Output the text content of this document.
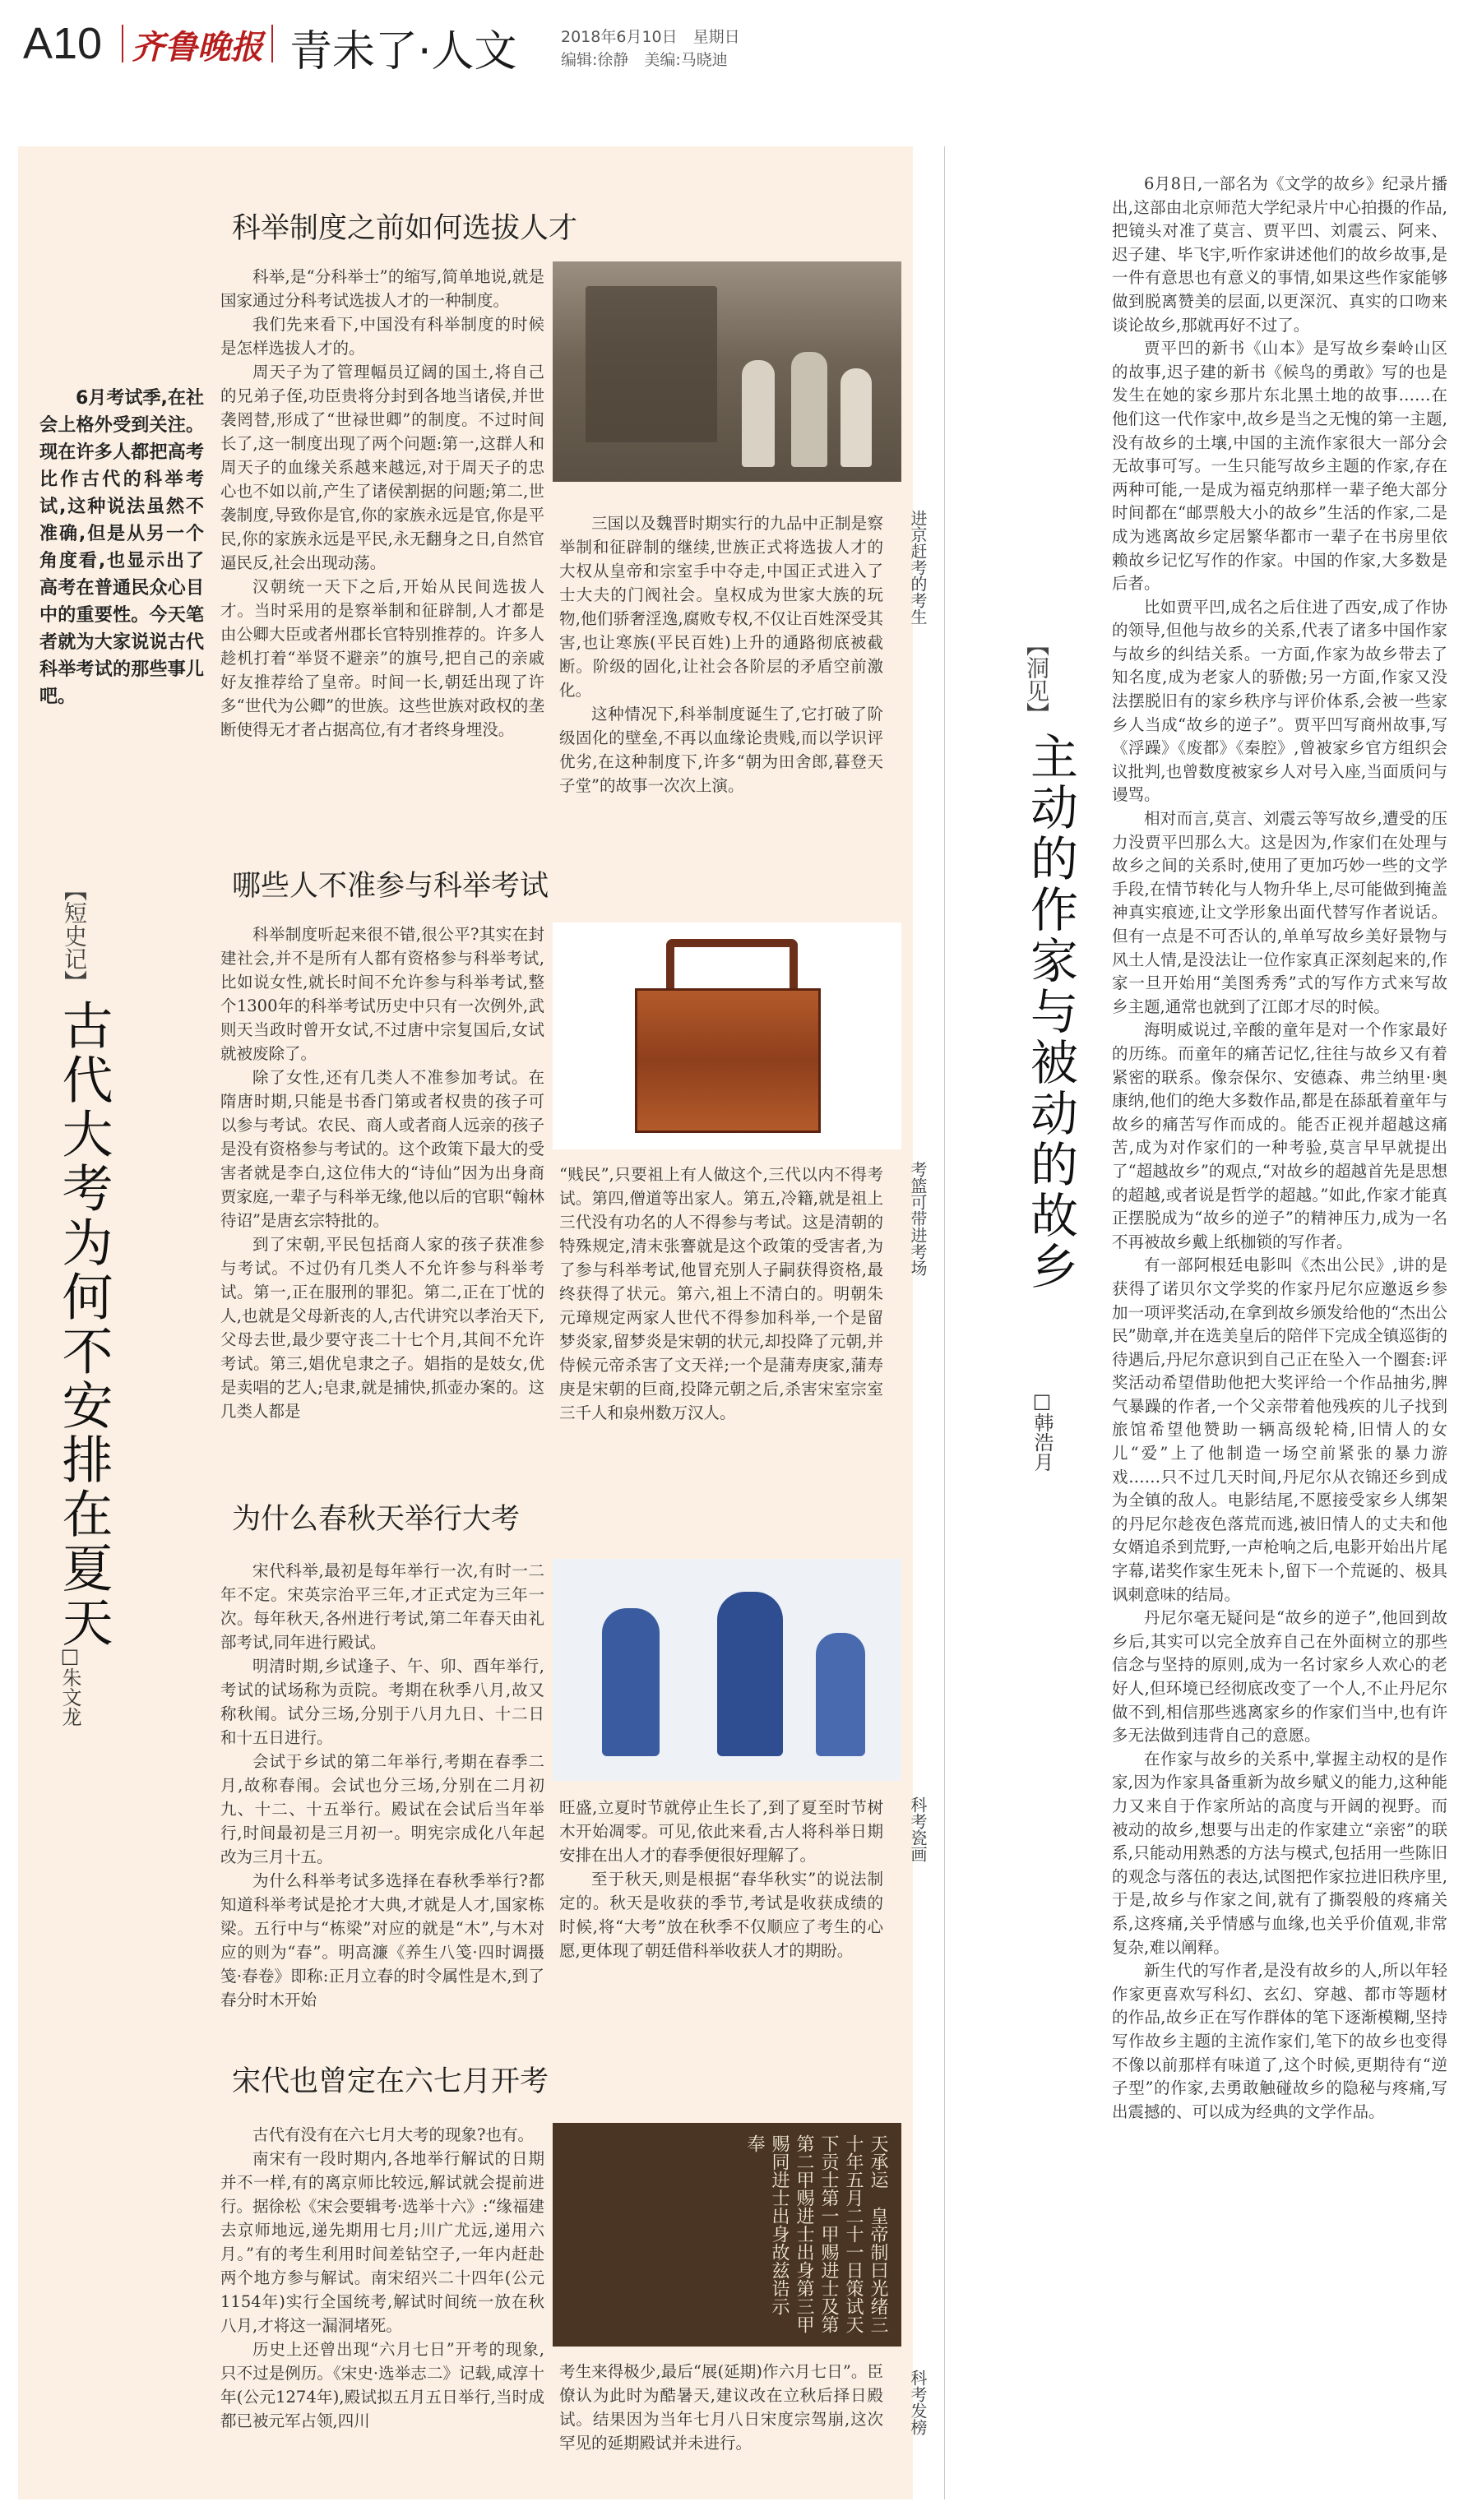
A10 齐鲁晚报 青未了·人文	2018年6月10日　星期日
编辑:徐静　美编:马晓迪
6月考试季,在社会上格外受到关注。现在许多人都把高考比作古代的科举考试,这种说法虽然不准确,但是从另一个角度看,也显示出了高考在普通民众心目中的重要性。今天笔者就为大家说说古代科举考试的那些事儿吧。
【短史记】
古代大考为何不安排在夏天
□朱文龙
科举制度之前如何选拔人才

科举,是“分科举士”的缩写,简单地说,就是国家通过分科考试选拔人才的一种制度。

我们先来看下,中国没有科举制度的时候是怎样选拔人才的。

周天子为了管理幅员辽阔的国土,将自己的兄弟子侄,功臣贵将分封到各地当诸侯,并世袭罔替,形成了“世禄世卿”的制度。不过时间长了,这一制度出现了两个问题:第一,这群人和周天子的血缘关系越来越远,对于周天子的忠心也不如以前,产生了诸侯割据的问题;第二,世袭制度,导致你是官,你的家族永远是官,你是平民,你的家族永远是平民,永无翻身之日,自然官逼民反,社会出现动荡。

汉朝统一天下之后,开始从民间选拔人才。当时采用的是察举制和征辟制,人才都是由公卿大臣或者州郡长官特别推荐的。许多人趁机打着“举贤不避亲”的旗号,把自己的亲戚好友推荐给了皇帝。时间一长,朝廷出现了许多“世代为公卿”的世族。这些世族对政权的垄断使得无才者占据高位,有才者终身埋没。

进京赶考的考生

三国以及魏晋时期实行的九品中正制是察举制和征辟制的继续,世族正式将选拔人才的大权从皇帝和宗室手中夺走,中国正式进入了士大夫的门阀社会。皇权成为世家大族的玩物,他们骄奢淫逸,腐败专权,不仅让百姓深受其害,也让寒族(平民百姓)上升的通路彻底被截断。阶级的固化,让社会各阶层的矛盾空前激化。

这种情况下,科举制度诞生了,它打破了阶级固化的壁垒,不再以血缘论贵贱,而以学识评优劣,在这种制度下,许多“朝为田舍郎,暮登天子堂”的故事一次次上演。

哪些人不准参与科举考试

科举制度听起来很不错,很公平?其实在封建社会,并不是所有人都有资格参与科举考试,比如说女性,就长时间不允许参与科举考试,整个1300年的科举考试历史中只有一次例外,武则天当政时曾开女试,不过唐中宗复国后,女试就被废除了。

除了女性,还有几类人不准参加考试。在隋唐时期,只能是书香门第或者权贵的孩子可以参与考试。农民、商人或者商人远亲的孩子是没有资格参与考试的。这个政策下最大的受害者就是李白,这位伟大的“诗仙”因为出身商贾家庭,一辈子与科举无缘,他以后的官职“翰林待诏”是唐玄宗特批的。

到了宋朝,平民包括商人家的孩子获准参与考试。不过仍有几类人不允许参与科举考试。第一,正在服刑的罪犯。第二,正在丁忧的人,也就是父母新丧的人,古代讲究以孝治天下,父母去世,最少要守丧二十七个月,其间不允许考试。第三,娼优皂隶之子。娼指的是妓女,优是卖唱的艺人;皂隶,就是捕快,抓壶办案的。这几类人都是

考篮可带进考场

“贱民”,只要祖上有人做这个,三代以内不得考试。第四,僧道等出家人。第五,冷籍,就是祖上三代没有功名的人不得参与考试。这是清朝的特殊规定,清末张謇就是这个政策的受害者,为了参与科举考试,他冒充别人子嗣获得资格,最终获得了状元。第六,祖上不清白的。明朝朱元璋规定两家人世代不得参加科举,一个是留梦炎家,留梦炎是宋朝的状元,却投降了元朝,并侍候元帝杀害了文天祥;一个是蒲寿庚家,蒲寿庚是宋朝的巨商,投降元朝之后,杀害宋室宗室三千人和泉州数万汉人。

为什么春秋天举行大考

宋代科举,最初是每年举行一次,有时一二年不定。宋英宗治平三年,才正式定为三年一次。每年秋天,各州进行考试,第二年春天由礼部考试,同年进行殿试。

明清时期,乡试逢子、午、卯、酉年举行,考试的试场称为贡院。考期在秋季八月,故又称秋闱。试分三场,分别于八月九日、十二日和十五日进行。

会试于乡试的第二年举行,考期在春季二月,故称春闱。会试也分三场,分别在二月初九、十二、十五举行。殿试在会试后当年举行,时间最初是三月初一。明宪宗成化八年起改为三月十五。

为什么科举考试多选择在春秋季举行?都知道科举考试是抡才大典,才就是人才,国家栋梁。五行中与“栋梁”对应的就是“木”,与木对应的则为“春”。明高濂《养生八笺·四时调摄笺·春卷》即称:正月立春的时令属性是木,到了春分时木开始

科考瓷画

旺盛,立夏时节就停止生长了,到了夏至时节树木开始凋零。可见,依此来看,古人将科举日期安排在出人才的春季便很好理解了。

至于秋天,则是根据“春华秋实”的说法制定的。秋天是收获的季节,考试是收获成绩的时候,将“大考”放在秋季不仅顺应了考生的心愿,更体现了朝廷借科举收获人才的期盼。

宋代也曾定在六七月开考

古代有没有在六七月大考的现象?也有。

南宋有一段时期内,各地举行解试的日期并不一样,有的离京师比较远,解试就会提前进行。据徐松《宋会要辑考·选举十六》:“缘福建去京师地远,递先期用七月;川广尤远,递用六月。”有的考生利用时间差钻空子,一年内赶赴两个地方参与解试。南宋绍兴二十四年(公元1154年)实行全国统考,解试时间统一放在秋八月,才将这一漏洞堵死。

历史上还曾出现“六月七日”开考的现象,只不过是例历。《宋史·选举志二》记载,咸淳十年(公元1274年),殿试拟五月五日举行,当时成都已被元军占领,四川

天承运　皇帝制曰光绪三十年五月二十一日策试天下贡士第一甲赐进士及第第二甲赐进士出身第三甲赐同进士出身故兹诰示　奉
科考发榜

考生来得极少,最后“展(延期)作六月七日”。臣僚认为此时为酷暑天,建议改在立秋后择日殿试。结果因为当年七月八日宋度宗驾崩,这次罕见的延期殿试并未进行。

【洞见】
主动的作家与被动的故乡
□韩浩月

6月8日,一部名为《文学的故乡》纪录片播出,这部由北京师范大学纪录片中心拍摄的作品,把镜头对准了莫言、贾平凹、刘震云、阿来、迟子建、毕飞宇,听作家讲述他们的故乡故事,是一件有意思也有意义的事情,如果这些作家能够做到脱离赞美的层面,以更深沉、真实的口吻来谈论故乡,那就再好不过了。

贾平凹的新书《山本》是写故乡秦岭山区的故事,迟子建的新书《候鸟的勇敢》写的也是发生在她的家乡那片东北黑土地的故事……在他们这一代作家中,故乡是当之无愧的第一主题,没有故乡的土壤,中国的主流作家很大一部分会无故事可写。一生只能写故乡主题的作家,存在两种可能,一是成为福克纳那样一辈子绝大部分时间都在“邮票般大小的故乡”生活的作家,二是成为逃离故乡定居繁华都市一辈子在书房里依赖故乡记忆写作的作家。中国的作家,大多数是后者。

比如贾平凹,成名之后住进了西安,成了作协的领导,但他与故乡的关系,代表了诸多中国作家与故乡的纠结关系。一方面,作家为故乡带去了知名度,成为老家人的骄傲;另一方面,作家又没法摆脱旧有的家乡秩序与评价体系,会被一些家乡人当成“故乡的逆子”。贾平凹写商州故事,写《浮躁》《废都》《秦腔》,曾被家乡官方组织会议批判,也曾数度被家乡人对号入座,当面质问与谩骂。

相对而言,莫言、刘震云等写故乡,遭受的压力没贾平凹那么大。这是因为,作家们在处理与故乡之间的关系时,使用了更加巧妙一些的文学手段,在情节转化与人物升华上,尽可能做到掩盖神真实痕迹,让文学形象出面代替写作者说话。但有一点是不可否认的,单单写故乡美好景物与风土人情,是没法让一位作家真正深刻起来的,作家一旦开始用“美图秀秀”式的写作方式来写故乡主题,通常也就到了江郎才尽的时候。

海明威说过,辛酸的童年是对一个作家最好的历练。而童年的痛苦记忆,往往与故乡又有着紧密的联系。像奈保尔、安德森、弗兰纳里·奥康纳,他们的绝大多数作品,都是在舔舐着童年与故乡的痛苦写作而成的。能否正视并超越这痛苦,成为对作家们的一种考验,莫言早早就提出了“超越故乡”的观点,“对故乡的超越首先是思想的超越,或者说是哲学的超越。”如此,作家才能真正摆脱成为“故乡的逆子”的精神压力,成为一名不再被故乡戴上纸枷锁的写作者。

有一部阿根廷电影叫《杰出公民》,讲的是获得了诺贝尔文学奖的作家丹尼尔应邀返乡参加一项评奖活动,在拿到故乡颁发给他的“杰出公民”勋章,并在选美皇后的陪伴下完成全镇巡街的待遇后,丹尼尔意识到自己正在坠入一个圈套:评奖活动希望借助他把大奖评给一个作品抽劣,脾气暴躁的作者,一个父亲带着他残疾的儿子找到旅馆希望他赞助一辆高级轮椅,旧情人的女儿“爱”上了他制造一场空前紧张的暴力游戏……只不过几天时间,丹尼尔从衣锦还乡到成为全镇的敌人。电影结尾,不愿接受家乡人绑架的丹尼尔趁夜色落荒而逃,被旧情人的丈夫和他女婿追杀到荒野,一声枪响之后,电影开始出片尾字幕,诺奖作家生死未卜,留下一个荒诞的、极具讽刺意味的结局。

丹尼尔毫无疑问是“故乡的逆子”,他回到故乡后,其实可以完全放弃自己在外面树立的那些信念与坚持的原则,成为一名讨家乡人欢心的老好人,但环境已经彻底改变了一个人,不止丹尼尔做不到,相信那些逃离家乡的作家们当中,也有许多无法做到违背自己的意愿。

在作家与故乡的关系中,掌握主动权的是作家,因为作家具备重新为故乡赋义的能力,这种能力又来自于作家所站的高度与开阔的视野。而被动的故乡,想要与出走的作家建立“亲密”的联系,只能动用熟悉的方法与模式,包括用一些陈旧的观念与落伍的表达,试图把作家拉进旧秩序里,于是,故乡与作家之间,就有了撕裂般的疼痛关系,这疼痛,关乎情感与血缘,也关乎价值观,非常复杂,难以阐释。

新生代的写作者,是没有故乡的人,所以年轻作家更喜欢写科幻、玄幻、穿越、都市等题材的作品,故乡正在写作群体的笔下逐渐模糊,坚持写作故乡主题的主流作家们,笔下的故乡也变得不像以前那样有味道了,这个时候,更期待有“逆子型”的作家,去勇敢触碰故乡的隐秘与疼痛,写出震撼的、可以成为经典的文学作品。
